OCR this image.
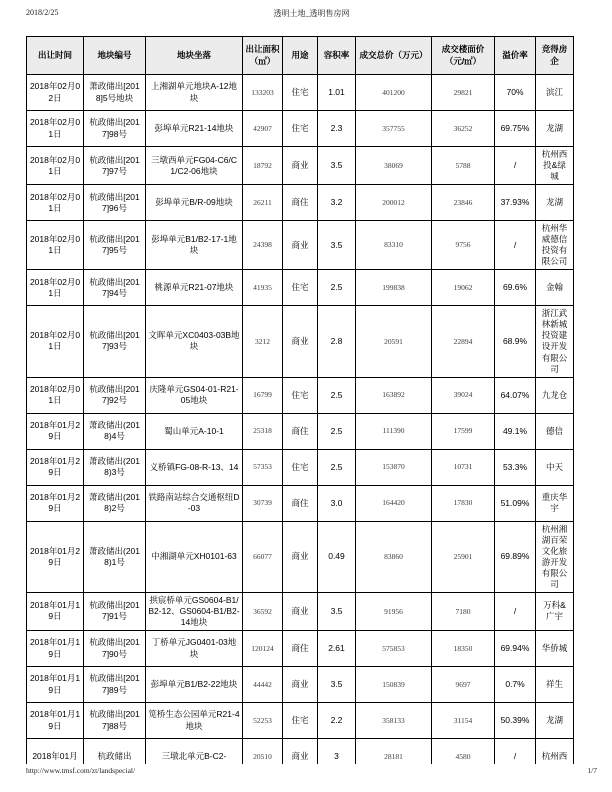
2018/2/25	透明土地_透明售房网
出让时间	地块编号	地块坐落	出让面积（㎡）	用途	容积率	成交总价（万元）	成交楼面价（元/㎡）	溢价率	竞得房企
2018年02月02日	萧政储出[2018]5号地块	上湘湖单元地块A-12地块	133203	住宅	1.01	401200	29821	70%	滨江
2018年02月01日	杭政储出[2017]98号	彭埠单元R21-14地块	42907	住宅	2.3	357755	36252	69.75%	龙湖
2018年02月01日	杭政储出[2017]97号	三墩西单元FG04-C6/C1/C2-06地块	18792	商业	3.5	38069	5788	/	杭州西投&绿城
2018年02月01日	杭政储出[2017]96号	彭埠单元B/R-09地块	26211	商住	3.2	200012	23846	37.93%	龙湖
2018年02月01日	杭政储出[2017]95号	彭埠单元B1/B2-17-1地块	24398	商业	3.5	83310	9756	/	杭州华威德信投资有限公司
2018年02月01日	杭政储出[2017]94号	桃源单元R21-07地块	41935	住宅	2.5	199838	19062	69.6%	金翰
2018年02月01日	杭政储出[2017]93号	文晖单元XC0403-03B地块	3212	商业	2.8	20591	22894	68.9%	浙江武林新城投资建设开发有限公司
2018年02月01日	杭政储出[2017]92号	庆隆单元GS04-01-R21-05地块	16799	住宅	2.5	163892	39024	64.07%	九龙仓
2018年01月29日	萧政储出(2018)4号	蜀山单元A-10-1	25318	商住	2.5	111390	17599	49.1%	德信
2018年01月29日	萧政储出(2018)3号	义桥镇FG-08-R-13、14	57353	住宅	2.5	153870	10731	53.3%	中天
2018年01月29日	萧政储出(2018)2号	铁路南站综合交通枢纽D-03	30739	商住	3.0	164420	17830	51.09%	重庆华宇
2018年01月29日	萧政储出(2018)1号	中湘湖单元XH0101-63	66077	商业	0.49	83860	25901	69.89%	杭州湘湖百荣文化旅游开发有限公司
2018年01月19日	杭政储出[2017]91号	拱宸桥单元GS0604-B1/B2-12、GS0604-B1/B2-14地块	36592	商业	3.5	91956	7180	/	万科&广宇
2018年01月19日	杭政储出[2017]90号	丁桥单元JG0401-03地块	120124	商住	2.61	575853	18350	69.94%	华侨城
2018年01月19日	杭政储出[2017]89号	彭埠单元B1/B2-22地块	44442	商业	3.5	150839	9697	0.7%	祥生
2018年01月19日	杭政储出[2017]88号	笕桥生态公园单元R21-4地块	52253	住宅	2.2	358133	31154	50.39%	龙湖
2018年01月	杭政储出	三墩北单元B-C2-	20510	商业	3	28181	4580	/	杭州西
http://www.tmsf.com/zt/landspecial/	1/7
